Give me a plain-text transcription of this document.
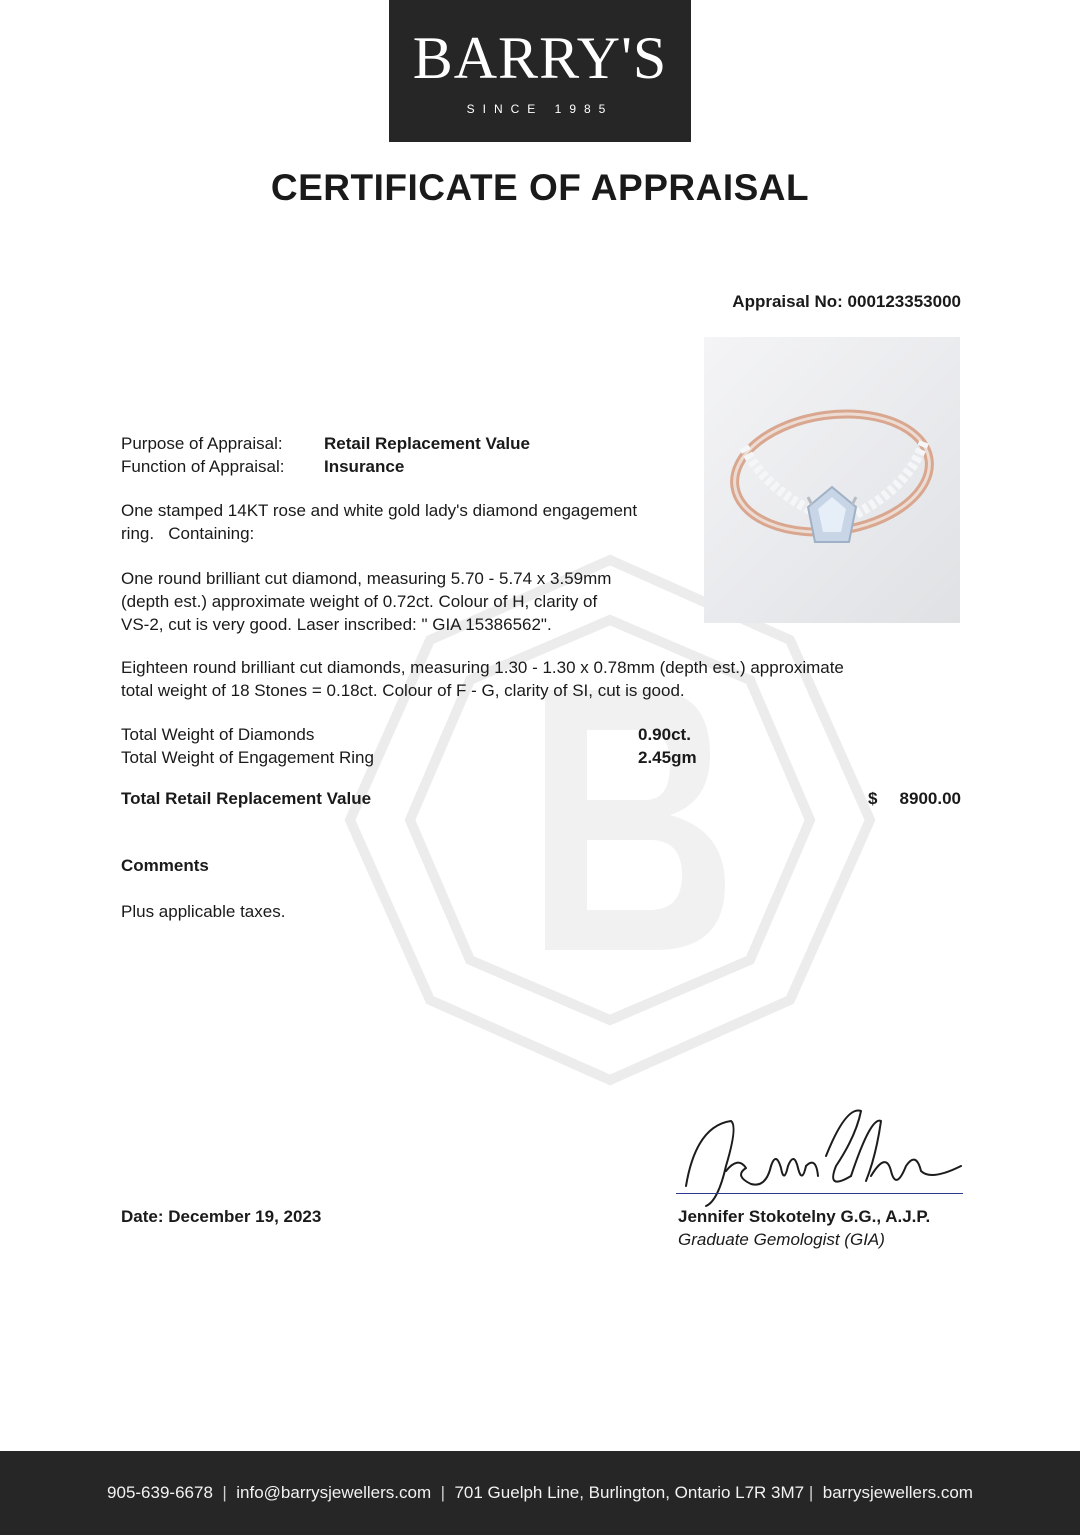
BARRY'S
SINCE 1985
CERTIFICATE OF APPRAISAL
Appraisal No: 000123353000
Purpose of Appraisal: Retail Replacement Value
Function of Appraisal: Insurance
One stamped 14KT rose and white gold lady's diamond engagement
ring.   Containing:
One round brilliant cut diamond, measuring 5.70 - 5.74 x 3.59mm
(depth est.) approximate weight of 0.72ct. Colour of H, clarity of
VS-2, cut is very good. Laser inscribed: " GIA 15386562".
Eighteen round brilliant cut diamonds, measuring 1.30 - 1.30 x 0.78mm (depth est.) approximate
total weight of 18 Stones = 0.18ct. Colour of F - G, clarity of SI, cut is good.
Total Weight of Diamonds	0.90ct.
Total Weight of Engagement Ring	2.45gm
Total Retail Replacement Value	$ 8900.00
Comments
Plus applicable taxes.
Date: December 19, 2023	Jennifer Stokotelny G.G., A.J.P.
Graduate Gemologist (GIA)
905-639-6678  |  info@barrysjewellers.com  |  701 Guelph Line, Burlington, Ontario L7R 3M7 |  barrysjewellers.com
